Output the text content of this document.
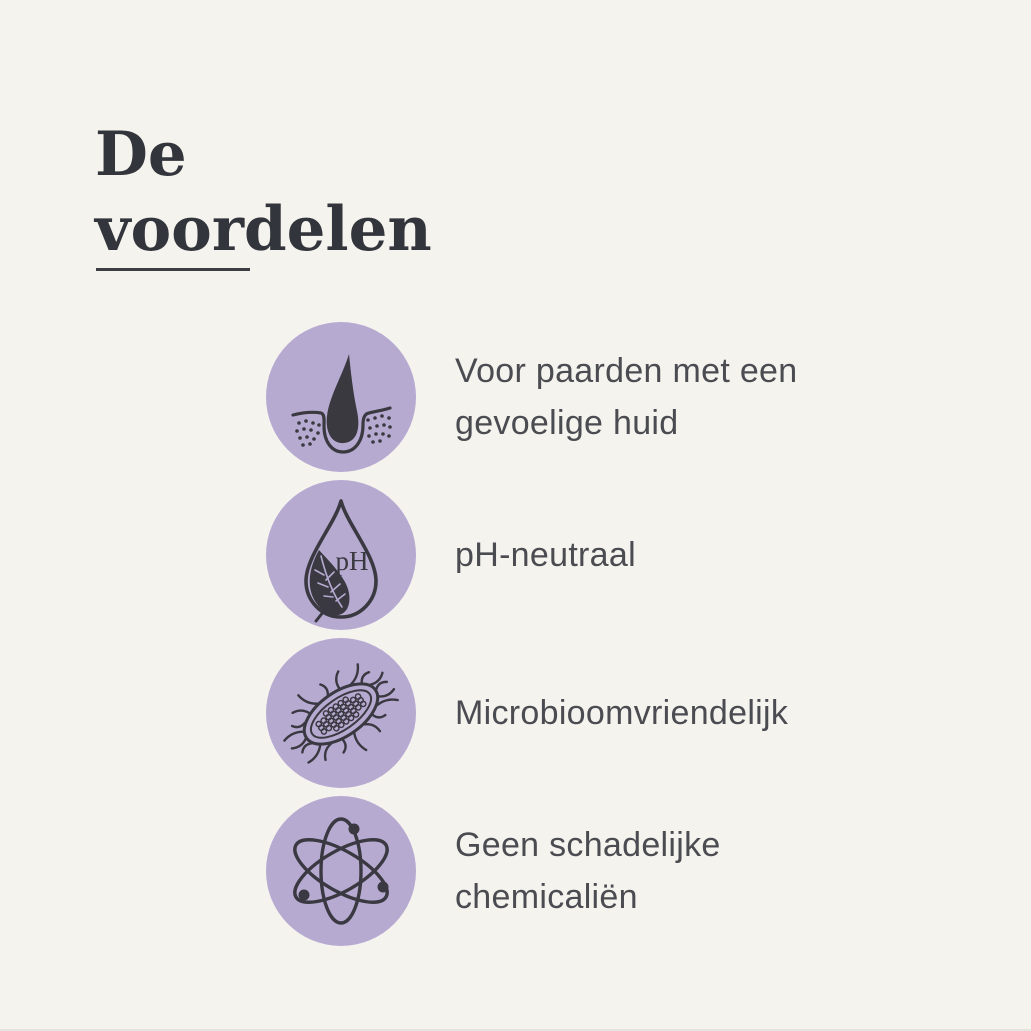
De
voordelen
Voor paarden met een gevoelige huid
pH	pH-neutraal
Microbioomvriendelijk
Geen schadelijke chemicaliën
